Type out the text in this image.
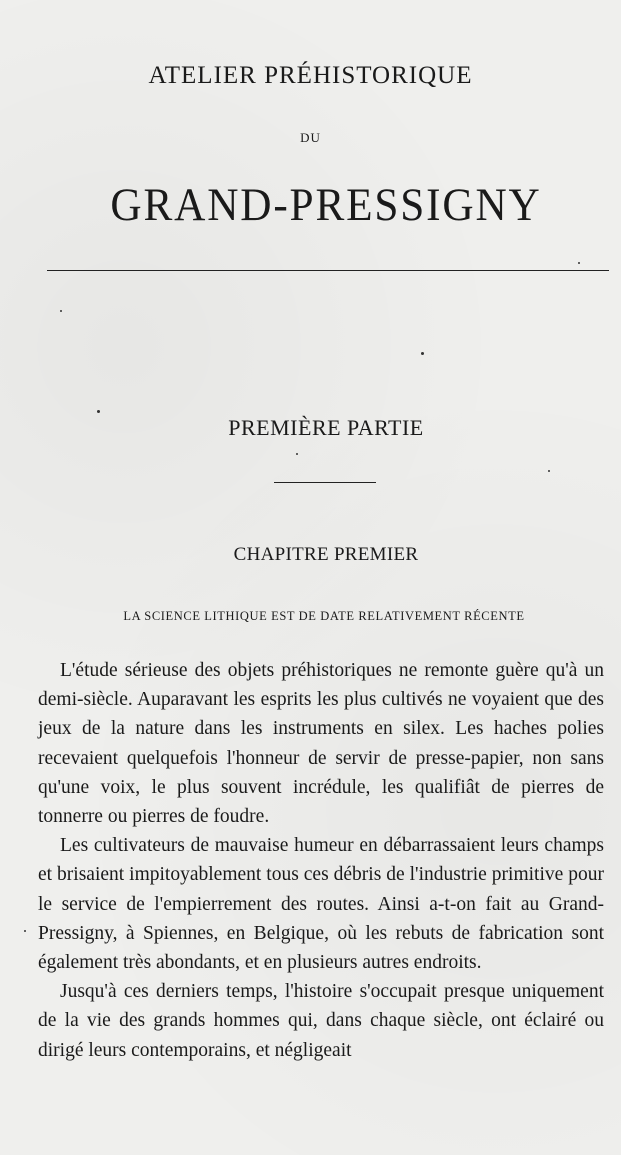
ATELIER PRÉHISTORIQUE
DU
GRAND-PRESSIGNY
PREMIÈRE PARTIE
CHAPITRE PREMIER
LA SCIENCE LITHIQUE EST DE DATE RELATIVEMENT RÉCENTE

L'étude sérieuse des objets préhistoriques ne remonte guère qu'à un demi-siècle. Auparavant les esprits les plus cultivés ne voyaient que des jeux de la nature dans les instruments en silex. Les haches polies recevaient quelquefois l'honneur de servir de presse-papier, non sans qu'une voix, le plus souvent incrédule, les qualifiât de pierres de tonnerre ou pierres de foudre.

Les cultivateurs de mauvaise humeur en débarrassaient leurs champs et brisaient impitoyablement tous ces débris de l'industrie primitive pour le service de l'empierrement des routes. Ainsi a-t-on fait au Grand-Pressigny, à Spiennes, en Belgique, où les rebuts de fabrication sont également très abondants, et en plusieurs autres endroits.

Jusqu'à ces derniers temps, l'histoire s'occupait presque uniquement de la vie des grands hommes qui, dans chaque siècle, ont éclairé ou dirigé leurs contemporains, et négligeait
